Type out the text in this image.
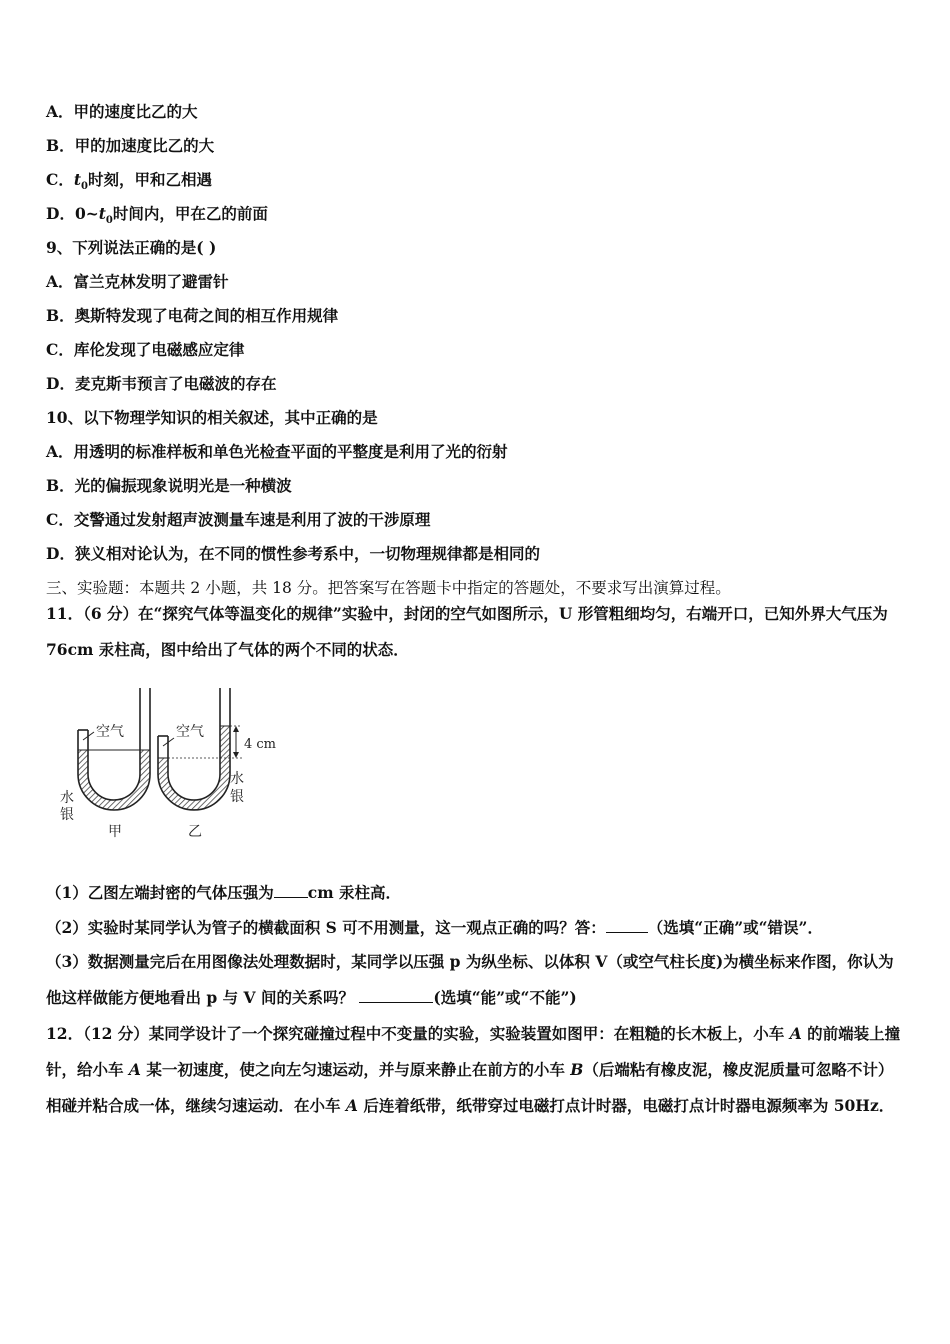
A．甲的速度比乙的大
B．甲的加速度比乙的大
C．$t_0$时刻，甲和乙相遇
D．$0\sim t_0$时间内，甲在乙的前面
9、下列说法正确的是( )
A．富兰克林发明了避雷针
B．奥斯特发现了电荷之间的相互作用规律
C．库伦发现了电磁感应定律
D．麦克斯韦预言了电磁波的存在
10、以下物理学知识的相关叙述，其中正确的是
A．用透明的标准样板和单色光检查平面的平整度是利用了光的衍射
B．光的偏振现象说明光是一种横波
C．交警通过发射超声波测量车速是利用了波的干涉原理
D．狭义相对论认为，在不同的惯性参考系中，一切物理规律都是相同的
三、实验题：本题共 2 小题，共 18 分。把答案写在答题卡中指定的答题处，不要求写出演算过程。
11．（6 分）在“探究气体等温变化的规律”实验中，封闭的空气如图所示，U 形管粗细均匀，右端开口，已知外界大气压为 76cm 汞柱高，图中给出了气体的两个不同的状态．
空气	空气
4 cm
水
银
水
银
甲	乙
（1）乙图左端封密的气体压强为 cm 汞柱高．
（2）实验时某同学认为管子的横截面积 S 可不用测量，这一观点正确的吗？答：	（选填“正确”或“错误”．
（3）数据测量完后在用图像法处理数据时，某同学以压强 p 为纵坐标、以体积 V（或空气柱长度)为横坐标来作图，你认为他这样做能方便地看出 p 与 V 间的关系吗？	(选填“能”或“不能”)
12．（12 分）某同学设计了一个探究碰撞过程中不变量的实验，实验装置如图甲：在粗糙的长木板上，小车 A 的前端装上撞针，给小车 A 某一初速度，使之向左匀速运动，并与原来静止在前方的小车 B（后端粘有橡皮泥，橡皮泥质量可忽略不计）相碰并粘合成一体，继续匀速运动．在小车 A 后连着纸带，纸带穿过电磁打点计时器，电磁打点计时器电源频率为 50Hz．
